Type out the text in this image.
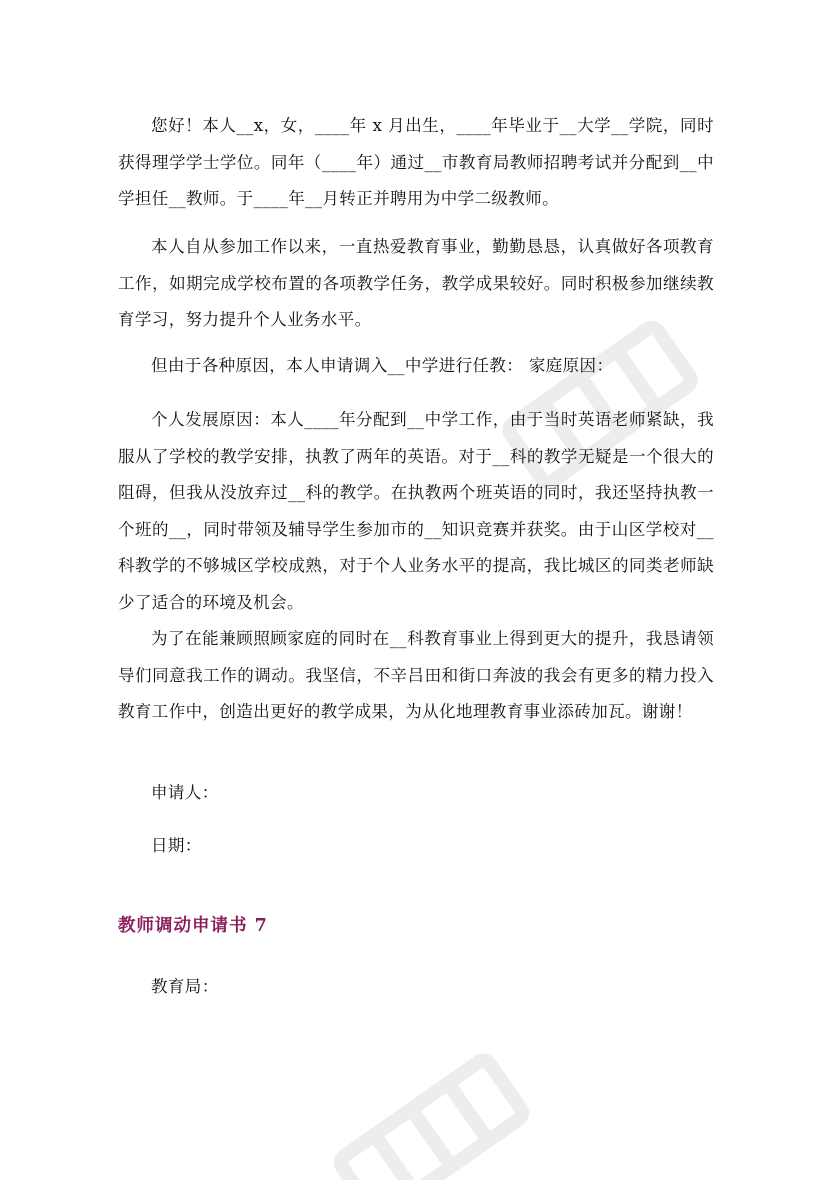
您好！本人__x，女，____年 x 月出生，____年毕业于__大学__学院，同时获得理学学士学位。同年（____年）通过__市教育局教师招聘考试并分配到__中学担任__教师。于____年__月转正并聘用为中学二级教师。

本人自从参加工作以来，一直热爱教育事业，勤勤恳恳，认真做好各项教育工作，如期完成学校布置的各项教学任务，教学成果较好。同时积极参加继续教育学习，努力提升个人业务水平。

但由于各种原因，本人申请调入__中学进行任教： 家庭原因：

个人发展原因：本人____年分配到__中学工作，由于当时英语老师紧缺，我服从了学校的教学安排，执教了两年的英语。对于__科的教学无疑是一个很大的阻碍，但我从没放弃过__科的教学。在执教两个班英语的同时，我还坚持执教一个班的__，同时带领及辅导学生参加市的__知识竞赛并获奖。由于山区学校对__科教学的不够城区学校成熟，对于个人业务水平的提高，我比城区的同类老师缺少了适合的环境及机会。

为了在能兼顾照顾家庭的同时在__科教育事业上得到更大的提升，我恳请领导们同意我工作的调动。我坚信，不辛吕田和街口奔波的我会有更多的精力投入教育工作中，创造出更好的教学成果，为从化地理教育事业添砖加瓦。谢谢！

申请人：

日期：

教师调动申请书 7

教育局：
